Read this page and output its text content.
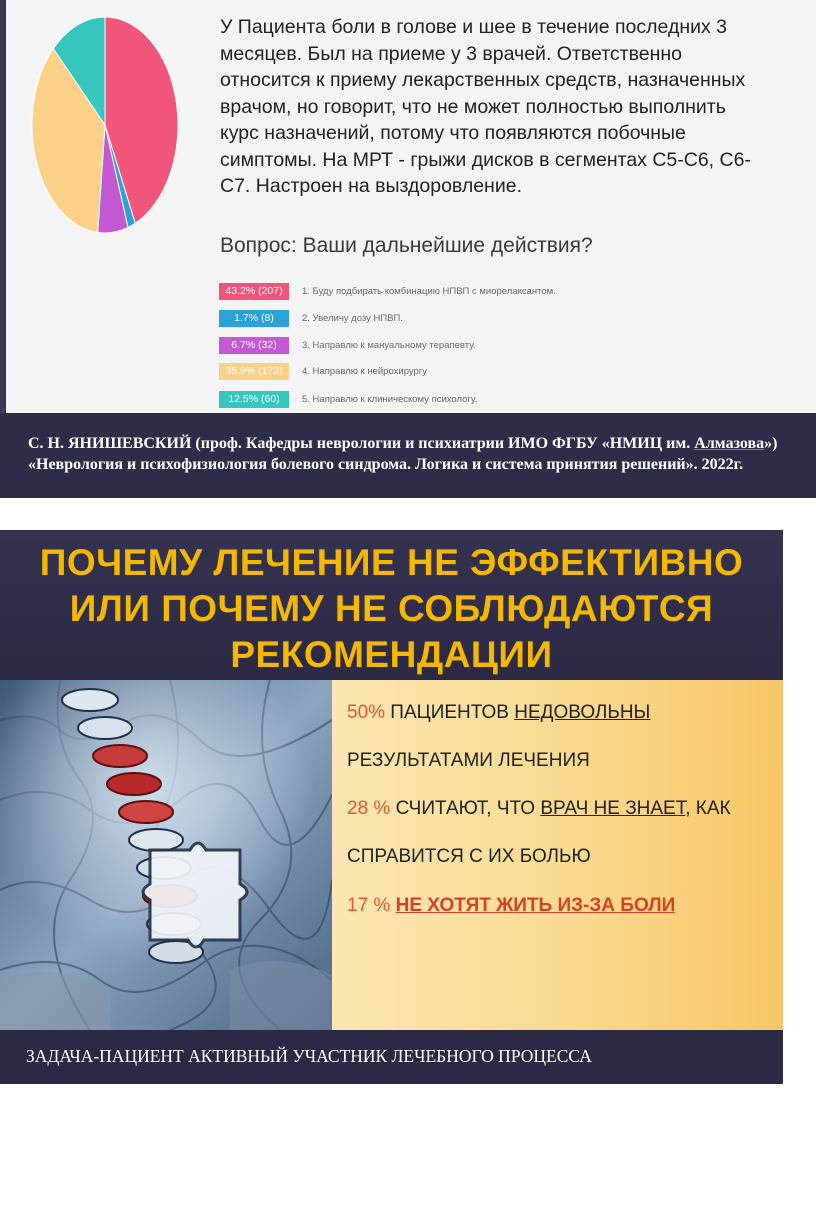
У Пациента боли в голове и шее в течение последних 3
месяцев. Был на приеме у 3 врачей. Ответственно
относится к приему лекарственных средств, назначенных
врачом, но говорит, что не может полностью выполнить
курс назначений, потому что появляются побочные
симптомы. На МРТ - грыжи дисков в сегментах С5-С6, С6-
С7. Настроен на выздоровление.
Вопрос: Ваши дальнейшие действия?
43.2% (207)	1. Буду подбирать комбинацию НПВП с миорелаксантом.
1.7% (8)	2. Увеличу дозу НПВП.
6.7% (32)	3. Направлю к мануальному терапевту.
35.9% (172)	4. Направлю к нейрохирургу
12.5% (60)	5. Направлю к клиническому психологу.
С. Н. ЯНИШЕВСКИЙ (проф. Кафедры неврологии и психиатрии ИМО ФГБУ «НМИЦ им. Алмазова») «Неврология и психофизиология болевого синдрома. Логика и система принятия решений». 2022г.
ПОЧЕМУ ЛЕЧЕНИЕ НЕ ЭФФЕКТИВНО
ИЛИ ПОЧЕМУ НЕ СОБЛЮДАЮТСЯ
РЕКОМЕНДАЦИИ
50% ПАЦИЕНТОВ НЕДОВОЛЬНЫ
РЕЗУЛЬТАТАМИ ЛЕЧЕНИЯ
28 % СЧИТАЮТ, ЧТО ВРАЧ НЕ ЗНАЕТ, КАК
СПРАВИТСЯ С ИХ БОЛЬЮ
17 % НЕ ХОТЯТ ЖИТЬ ИЗ-ЗА БОЛИ
ЗАДАЧА-ПАЦИЕНТ АКТИВНЫЙ УЧАСТНИК ЛЕЧЕБНОГО ПРОЦЕССА
